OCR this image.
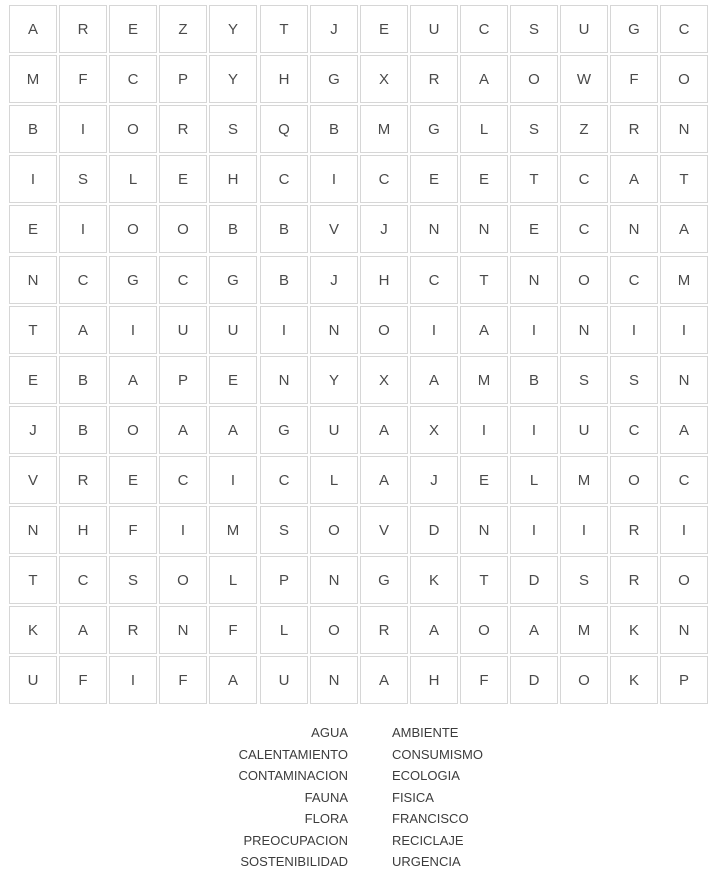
A	R	E	Z	Y	T	J	E	U	C	S	U	G	C
M	F	C	P	Y	H	G	X	R	A	O	W	F	O
B	I	O	R	S	Q	B	M	G	L	S	Z	R	N
I	S	L	E	H	C	I	C	E	E	T	C	A	T
E	I	O	O	B	B	V	J	N	N	E	C	N	A
N	C	G	C	G	B	J	H	C	T	N	O	C	M
T	A	I	U	U	I	N	O	I	A	I	N	I	I
E	B	A	P	E	N	Y	X	A	M	B	S	S	N
J	B	O	A	A	G	U	A	X	I	I	U	C	A
V	R	E	C	I	C	L	A	J	E	L	M	O	C
N	H	F	I	M	S	O	V	D	N	I	I	R	I
T	C	S	O	L	P	N	G	K	T	D	S	R	O
K	A	R	N	F	L	O	R	A	O	A	M	K	N
U	F	I	F	A	U	N	A	H	F	D	O	K	P
AGUA
CALENTAMIENTO
CONTAMINACION
FAUNA
FLORA
PREOCUPACION
SOSTENIBILIDAD
AMBIENTE
CONSUMISMO
ECOLOGIA
FISICA
FRANCISCO
RECICLAJE
URGENCIA
